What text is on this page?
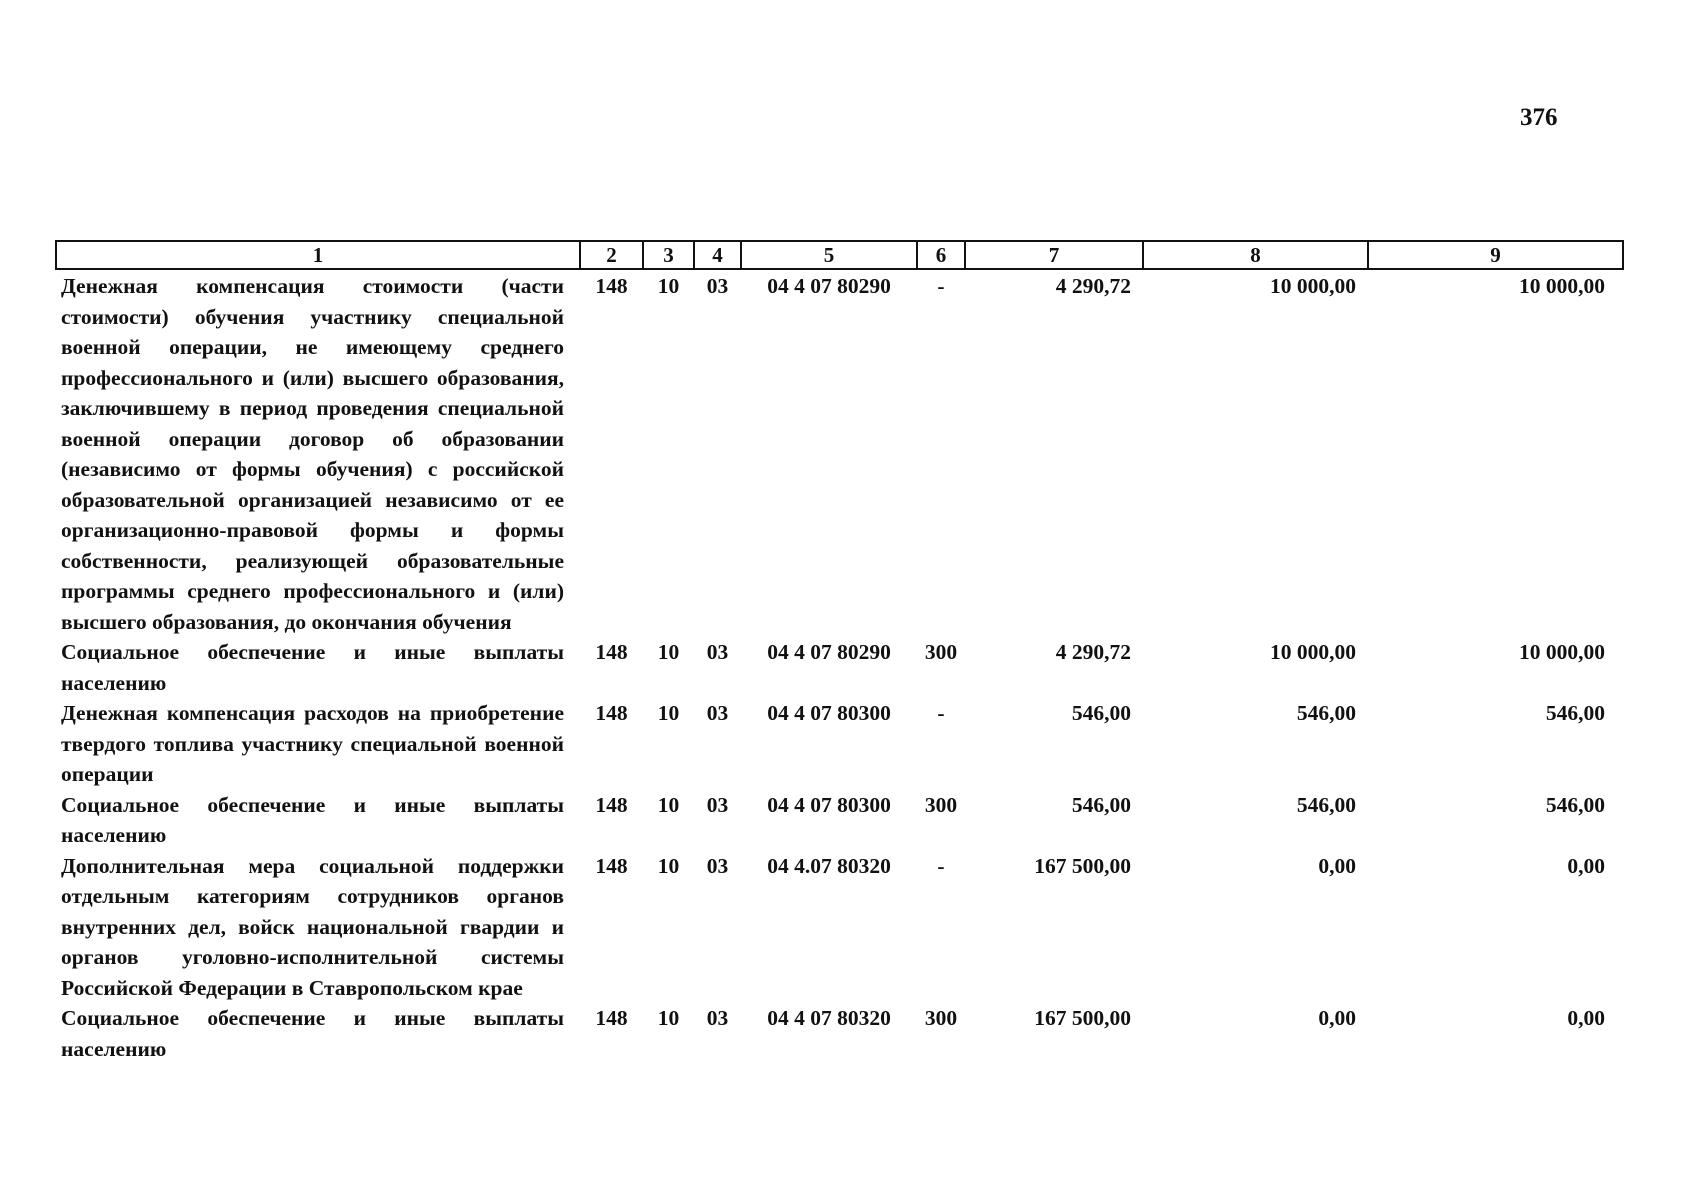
376
1	2	3	4	5	6	7	8	9
Денежная компенсация стоимости (части стоимости) обучения участнику специальной военной операции, не имеющему среднего профессионального и (или) высшего образования, заключившему в период проведения специальной военной операции договор об образовании (независимо от формы обучения) с российской образовательной организацией независимо от ее организационно-правовой формы и формы собственности, реализующей образовательные программы среднего профессионального и (или) высшего образования, до окончания обучения	148	10	03	04 4 07 80290	-	4 290,72	10 000,00	10 000,00
Социальное обеспечение и иные выплаты населению	148	10	03	04 4 07 80290	300	4 290,72	10 000,00	10 000,00
Денежная компенсация расходов на приобретение твердого топлива участнику специальной военной операции	148	10	03	04 4 07 80300	-	546,00	546,00	546,00
Социальное обеспечение и иные выплаты населению	148	10	03	04 4 07 80300	300	546,00	546,00	546,00
Дополнительная мера социальной поддержки отдельным категориям сотрудников органов внутренних дел, войск национальной гвардии и органов уголовно-исполнительной системы Российской Федерации в Ставропольском крае	148	10	03	04 4.07 80320	-	167 500,00	0,00	0,00
Социальное обеспечение и иные выплаты населению	148	10	03	04 4 07 80320	300	167 500,00	0,00	0,00
